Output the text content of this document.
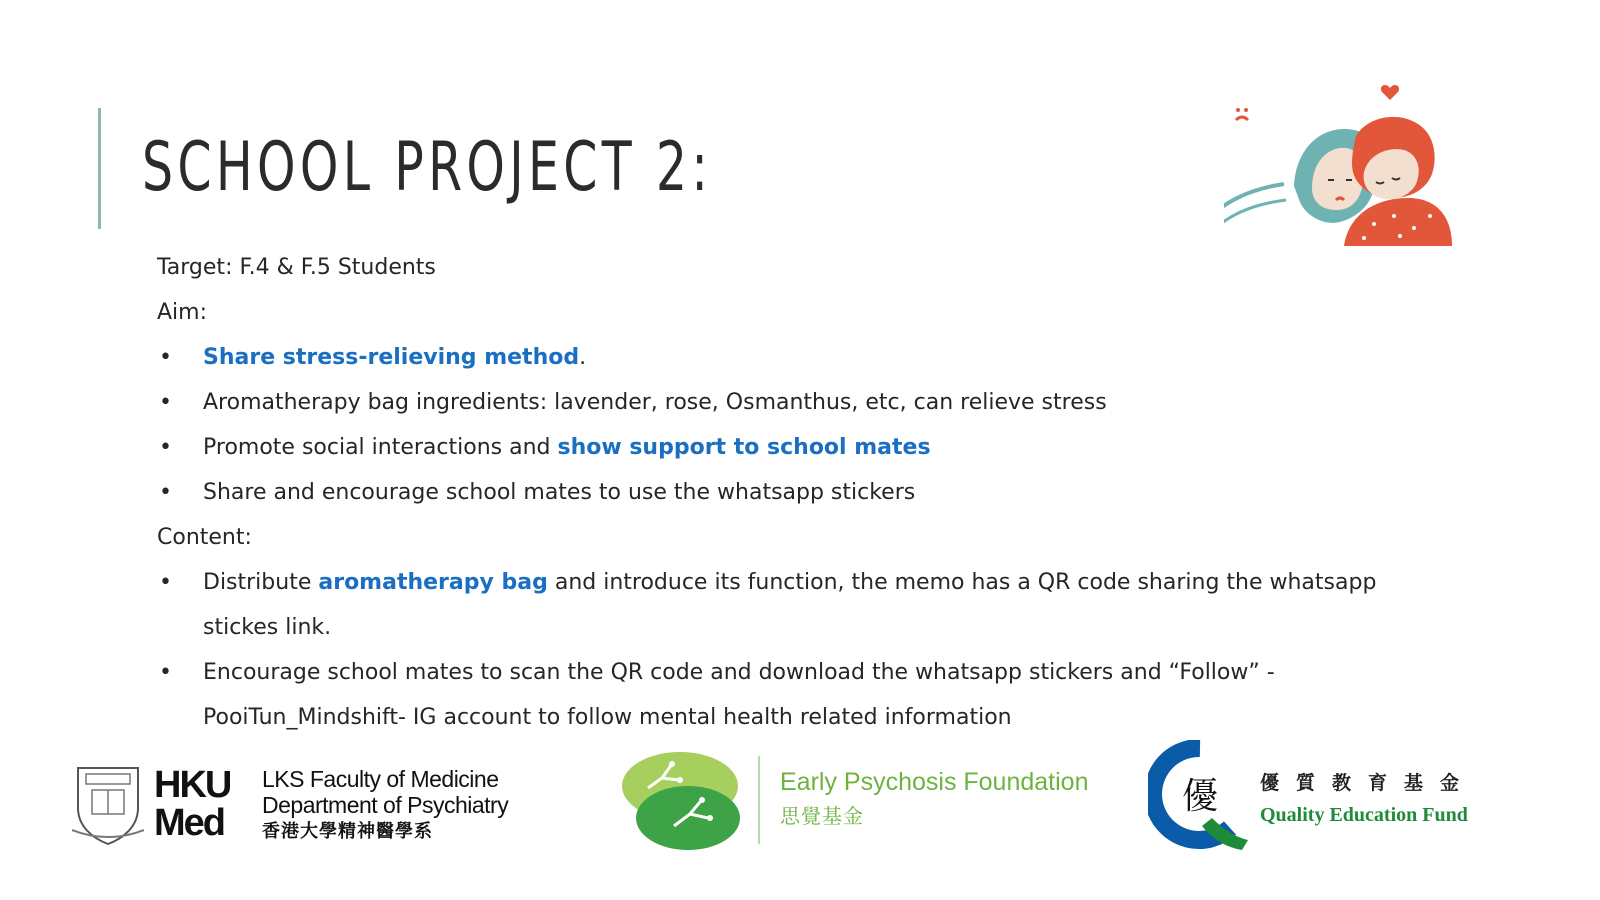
SCHOOL PROJECT 2:
Target: F.4 & F.5 Students
Aim:
• Share stress-relieving method.
• Aromatherapy bag ingredients: lavender, rose, Osmanthus, etc, can relieve stress
• Promote social interactions and show support to school mates
• Share and encourage school mates to use the whatsapp stickers
Content:
• Distribute aromatherapy bag and introduce its function, the memo has a QR code sharing the whatsapp
stickes link.
• Encourage school mates to scan the QR code and download the whatsapp stickers and “Follow” -
PooiTun_Mindshift- IG account to follow mental health related information
HKU
Med
LKS Faculty of Medicine
Department of Psychiatry
香港大學精神醫學系
Early Psychosis Foundation
思覺基金	優 優質教育基金
Quality Education Fund
